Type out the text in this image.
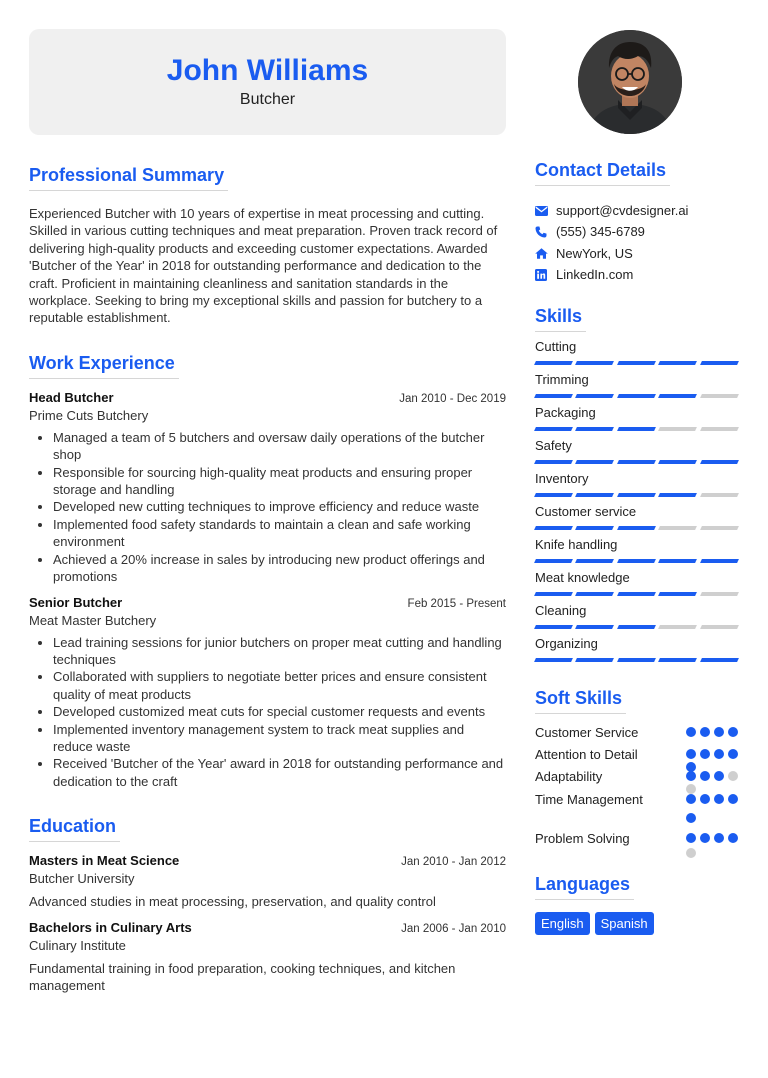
John Williams
Butcher
Professional Summary

Experienced Butcher with 10 years of expertise in meat processing and cutting. Skilled in various cutting techniques and meat preparation. Proven track record of delivering high-quality products and exceeding customer expectations. Awarded 'Butcher of the Year' in 2018 for outstanding performance and dedication to the craft. Proficient in maintaining cleanliness and sanitation standards in the workplace. Seeking to bring my exceptional skills and passion for butchery to a reputable establishment.

Work Experience
Head Butcher	Jan 2010 - Dec 2019
Prime Cuts Butchery
• Managed a team of 5 butchers and oversaw daily operations of the butcher shop
• Responsible for sourcing high-quality meat products and ensuring proper storage and handling
• Developed new cutting techniques to improve efficiency and reduce waste
• Implemented food safety standards to maintain a clean and safe working environment
• Achieved a 20% increase in sales by introducing new product offerings and promotions
Senior Butcher	Feb 2015 - Present
Meat Master Butchery
• Lead training sessions for junior butchers on proper meat cutting and handling techniques
• Collaborated with suppliers to negotiate better prices and ensure consistent quality of meat products
• Developed customized meat cuts for special customer requests and events
• Implemented inventory management system to track meat supplies and reduce waste
• Received 'Butcher of the Year' award in 2018 for outstanding performance and dedication to the craft
Education
Masters in Meat Science	Jan 2010 - Jan 2012
Butcher University

Advanced studies in meat processing, preservation, and quality control

Bachelors in Culinary Arts	Jan 2006 - Jan 2010
Culinary Institute

Fundamental training in food preparation, cooking techniques, and kitchen management

Contact Details
support@cvdesigner.ai
(555) 345-6789
NewYork, US
LinkedIn.com
Skills
Cutting
Trimming
Packaging
Safety
Inventory
Customer service
Knife handling
Meat knowledge
Cleaning
Organizing
Soft Skills
Customer Service
Attention to Detail
Adaptability
Time Management
Problem Solving
Languages
English	Spanish
